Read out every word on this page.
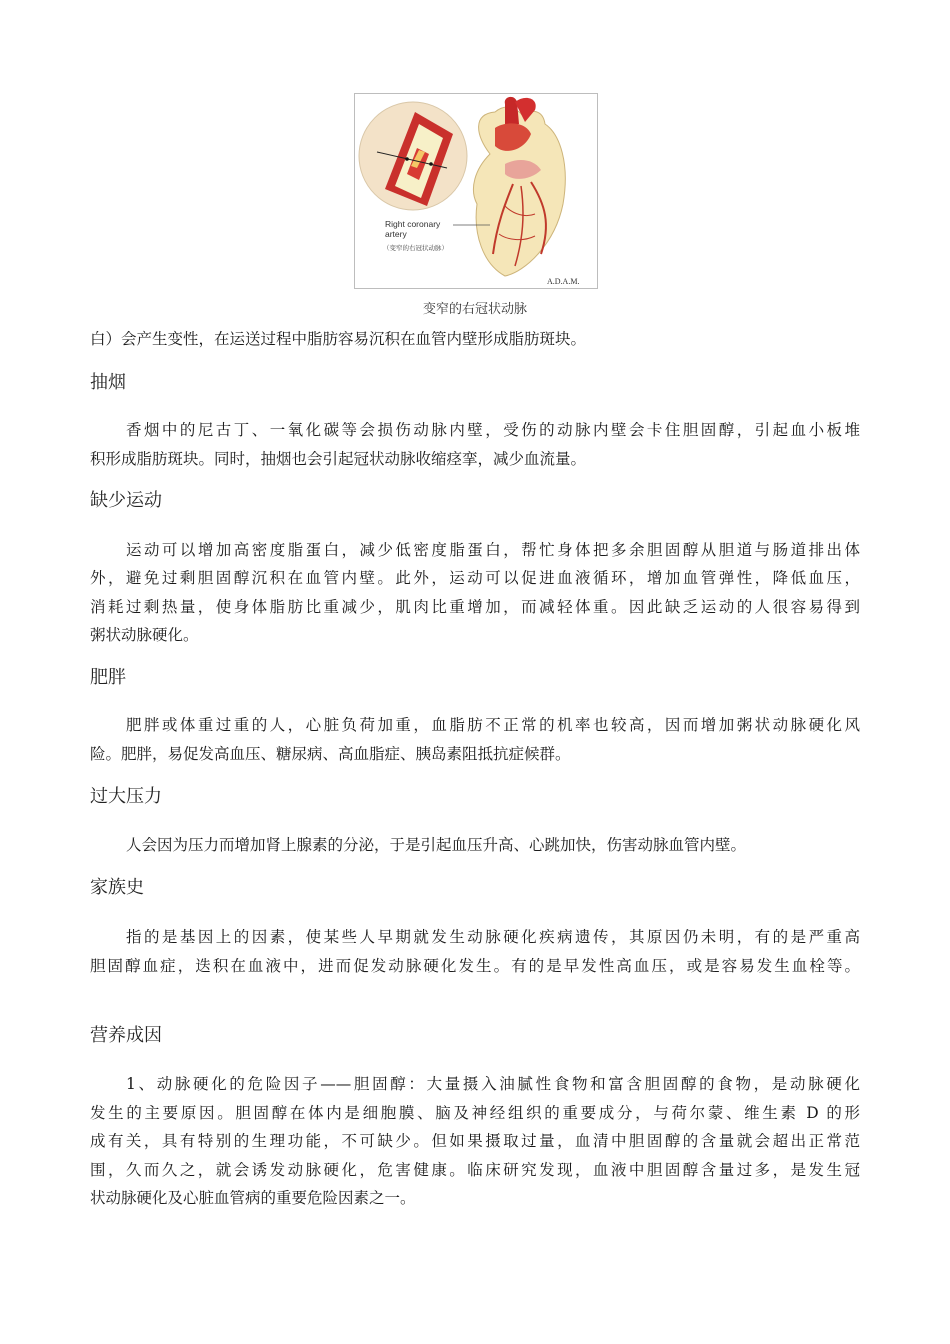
Right coronary
artery
（变窄的右冠状动脉）
A.D.A.M.
变窄的右冠状动脉
白）会产生变性，在运送过程中脂肪容易沉积在血管内壁形成脂肪斑块。
抽烟
香烟中的尼古丁、一氧化碳等会损伤动脉内壁，受伤的动脉内壁会卡住胆固醇，引起血小板堆
积形成脂肪斑块。同时，抽烟也会引起冠状动脉收缩痉挛，减少血流量。
缺少运动
运动可以增加高密度脂蛋白，减少低密度脂蛋白，帮忙身体把多余胆固醇从胆道与肠道排出体
外，避免过剩胆固醇沉积在血管内壁。此外，运动可以促进血液循环，增加血管弹性，降低血压，
消耗过剩热量，使身体脂肪比重减少，肌肉比重增加，而减轻体重。因此缺乏运动的人很容易得到
粥状动脉硬化。
肥胖
肥胖或体重过重的人，心脏负荷加重，血脂肪不正常的机率也较高，因而增加粥状动脉硬化风
险。肥胖，易促发高血压、糖尿病、高血脂症、胰岛素阻抵抗症候群。
过大压力
人会因为压力而增加肾上腺素的分泌，于是引起血压升高、心跳加快，伤害动脉血管内壁。
家族史
指的是基因上的因素，使某些人早期就发生动脉硬化疾病遗传，其原因仍未明，有的是严重高
胆固醇血症，迭积在血液中，进而促发动脉硬化发生。有的是早发性高血压，或是容易发生血栓等。
营养成因
1、动脉硬化的危险因子——胆固醇：大量摄入油腻性食物和富含胆固醇的食物，是动脉硬化
发生的主要原因。胆固醇在体内是细胞膜、脑及神经组织的重要成分，与荷尔蒙、维生素 D 的形
成有关，具有特别的生理功能，不可缺少。但如果摄取过量，血清中胆固醇的含量就会超出正常范
围，久而久之，就会诱发动脉硬化，危害健康。临床研究发现，血液中胆固醇含量过多，是发生冠
状动脉硬化及心脏血管病的重要危险因素之一。
